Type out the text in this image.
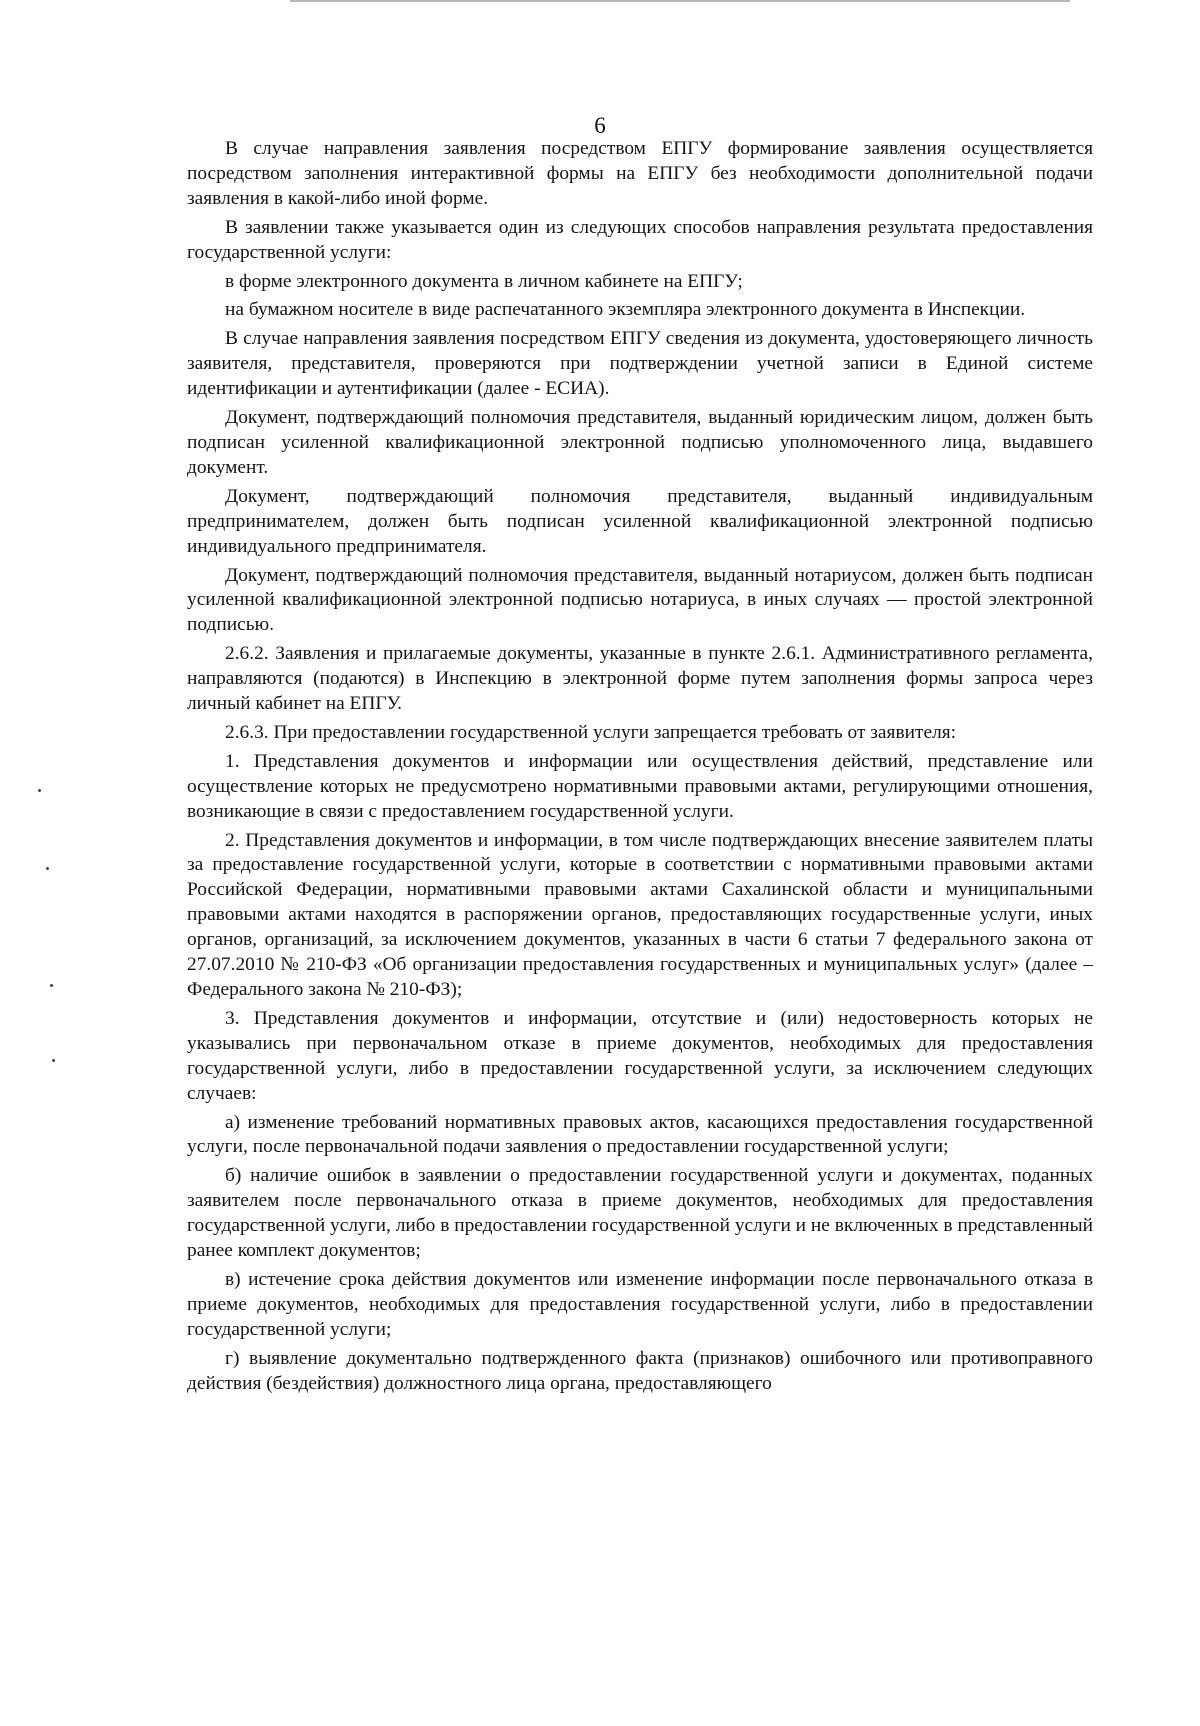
6

В случае направления заявления посредством ЕПГУ формирование заявления осуществляется посредством заполнения интерактивной формы на ЕПГУ без необходимости дополнительной подачи заявления в какой-либо иной форме.

В заявлении также указывается один из следующих способов направления результата предоставления государственной услуги:

в форме электронного документа в личном кабинете на ЕПГУ;

на бумажном носителе в виде распечатанного экземпляра электронного документа в Инспекции.

В случае направления заявления посредством ЕПГУ сведения из документа, удостоверяющего личность заявителя, представителя, проверяются при подтверждении учетной записи в Единой системе идентификации и аутентификации (далее - ЕСИА).

Документ, подтверждающий полномочия представителя, выданный юридическим лицом, должен быть подписан усиленной квалификационной электронной подписью уполномоченного лица, выдавшего документ.

Документ, подтверждающий полномочия представителя, выданный индивидуальным предпринимателем, должен быть подписан усиленной квалификационной электронной подписью индивидуального предпринимателя.

Документ, подтверждающий полномочия представителя, выданный нотариусом, должен быть подписан усиленной квалификационной электронной подписью нотариуса, в иных случаях — простой электронной подписью.

2.6.2. Заявления и прилагаемые документы, указанные в пункте 2.6.1. Административного регламента, направляются (подаются) в Инспекцию в электронной форме путем заполнения формы запроса через личный кабинет на ЕПГУ.

2.6.3. При предоставлении государственной услуги запрещается требовать от заявителя:

1. Представления документов и информации или осуществления действий, представление или осуществление которых не предусмотрено нормативными правовыми актами, регулирующими отношения, возникающие в связи с предоставлением государственной услуги.

2. Представления документов и информации, в том числе подтверждающих внесение заявителем платы за предоставление государственной услуги, которые в соответствии с нормативными правовыми актами Российской Федерации, нормативными правовыми актами Сахалинской области и муниципальными правовыми актами находятся в распоряжении органов, предоставляющих государственные услуги, иных органов, организаций, за исключением документов, указанных в части 6 статьи 7 федерального закона от 27.07.2010 № 210-ФЗ «Об организации предоставления государственных и муниципальных услуг» (далее – Федерального закона № 210-ФЗ);

3. Представления документов и информации, отсутствие и (или) недостоверность которых не указывались при первоначальном отказе в приеме документов, необходимых для предоставления государственной услуги, либо в предоставлении государственной услуги, за исключением следующих случаев:

а) изменение требований нормативных правовых актов, касающихся предоставления государственной услуги, после первоначальной подачи заявления о предоставлении государственной услуги;

б) наличие ошибок в заявлении о предоставлении государственной услуги и документах, поданных заявителем после первоначального отказа в приеме документов, необходимых для предоставления государственной услуги, либо в предоставлении государственной услуги и не включенных в представленный ранее комплект документов;

в) истечение срока действия документов или изменение информации после первоначального отказа в приеме документов, необходимых для предоставления государственной услуги, либо в предоставлении государственной услуги;

г) выявление документально подтвержденного факта (признаков) ошибочного или противоправного действия (бездействия) должностного лица органа, предоставляющего
